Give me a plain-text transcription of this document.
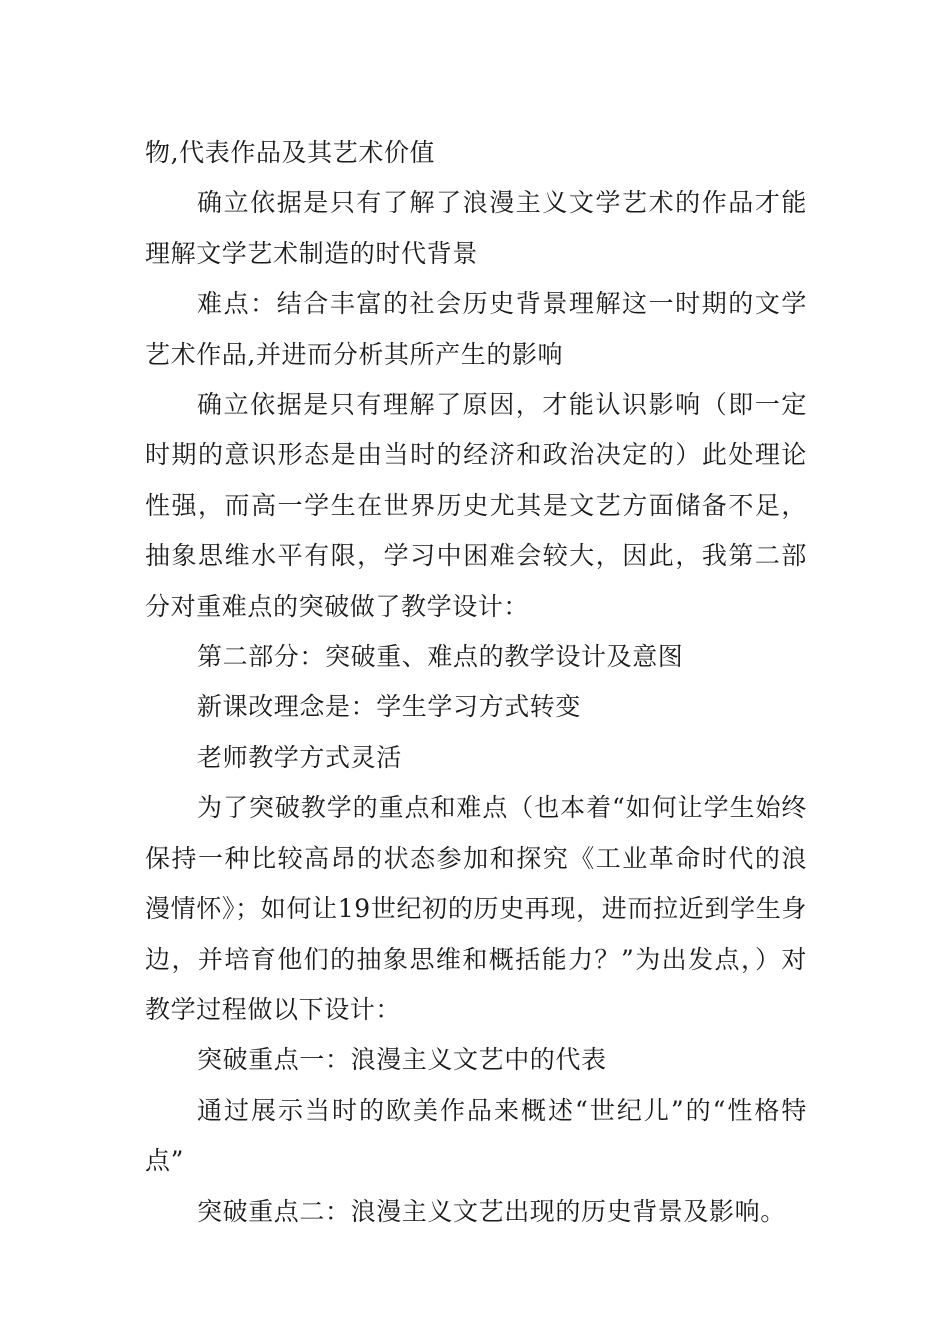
物,代表作品及其艺术价值

确立依据是只有了解了浪漫主义文学艺术的作品才能理解文学艺术制造的时代背景

难点：结合丰富的社会历史背景理解这一时期的文学艺术作品,并进而分析其所产生的影响

确立依据是只有理解了原因，才能认识影响（即一定时期的意识形态是由当时的经济和政治决定的）此处理论性强，而高一学生在世界历史尤其是文艺方面储备不足，抽象思维水平有限，学习中困难会较大，因此，我第二部分对重难点的突破做了教学设计：

第二部分：突破重、难点的教学设计及意图

新课改理念是：学生学习方式转变

老师教学方式灵活

为了突破教学的重点和难点（也本着“如何让学生始终保持一种比较高昂的状态参加和探究《工业革命时代的浪漫情怀》；如何让19世纪初的历史再现，进而拉近到学生身边，并培育他们的抽象思维和概括能力？”为出发点，）对教学过程做以下设计：

突破重点一：浪漫主义文艺中的代表

通过展示当时的欧美作品来概述“世纪儿”的“性格特点”

突破重点二：浪漫主义文艺出现的历史背景及影响。
